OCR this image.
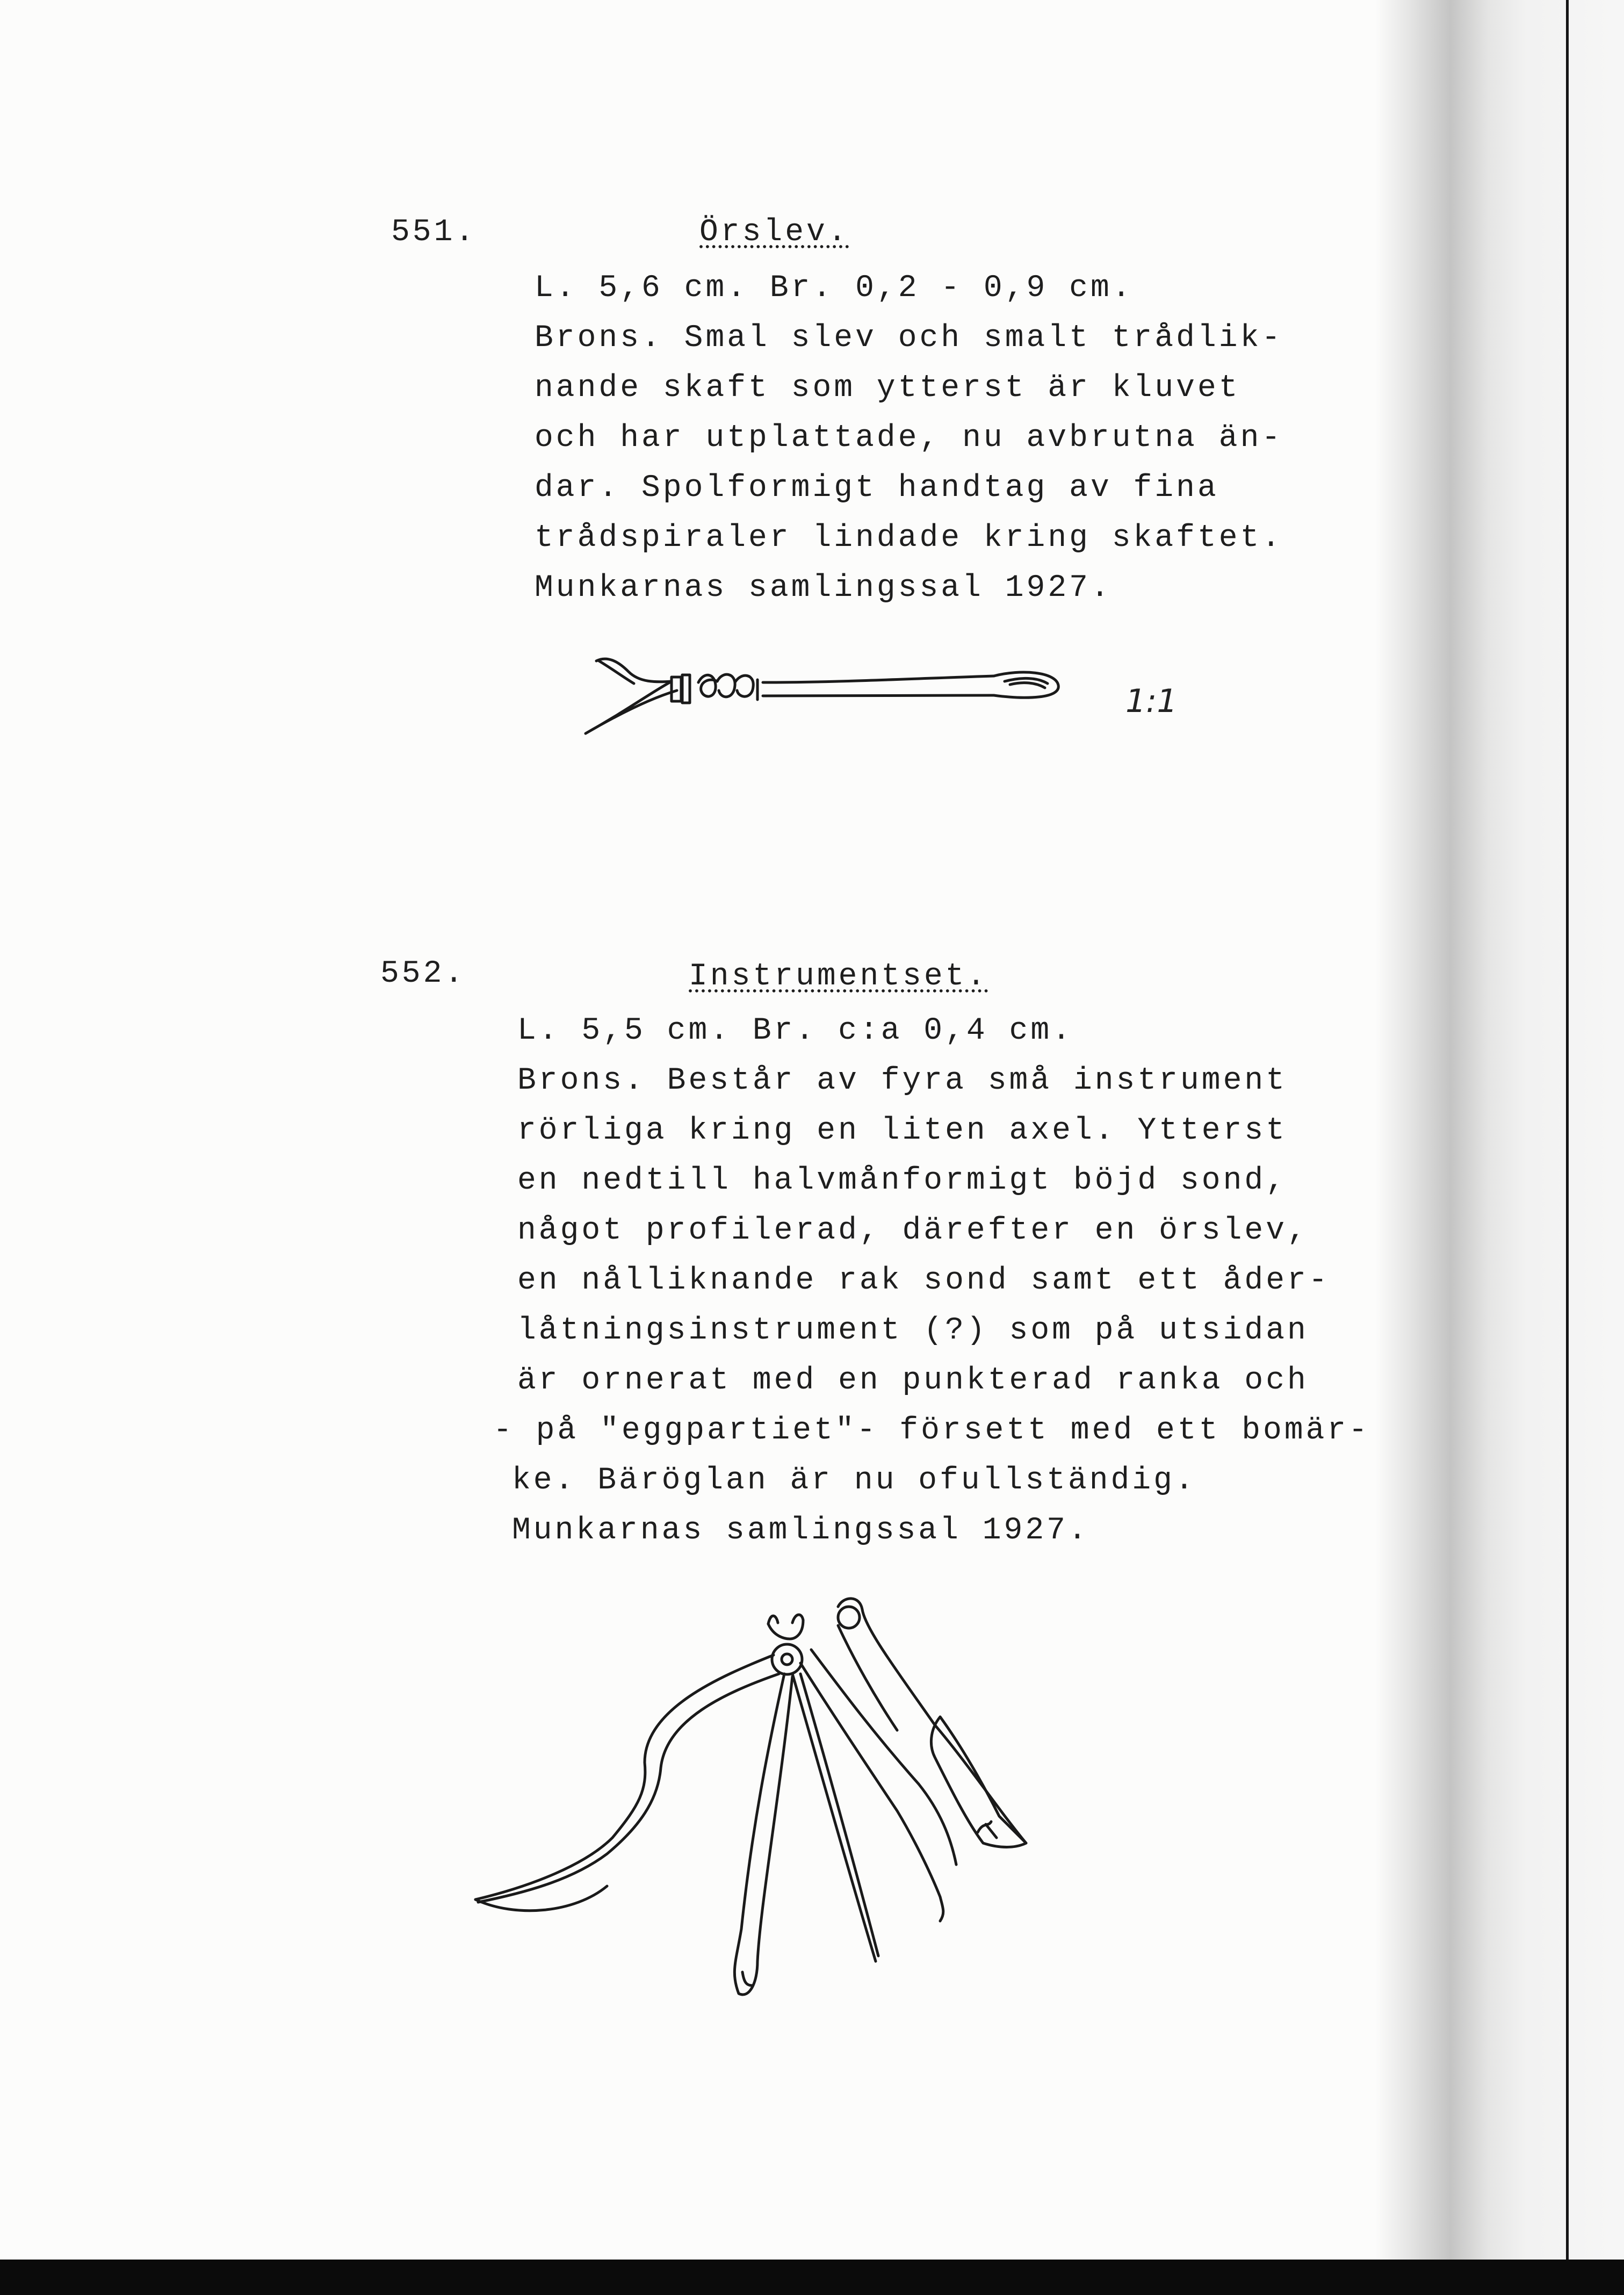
551.	Örslev.
L. 5,6 cm. Br. 0,2 - 0,9 cm.
Brons. Smal slev och smalt trådlik-
nande skaft som ytterst är kluvet
och har utplattade, nu avbrutna än-
dar. Spolformigt handtag av fina
trådspiraler lindade kring skaftet.
Munkarnas samlingssal 1927.
1:1
552.	Instrumentset.
L. 5,5 cm. Br. c:a 0,4 cm.
Brons. Består av fyra små instrument
rörliga kring en liten axel. Ytterst
en nedtill halvmånformigt böjd sond,
något profilerad, därefter en örslev,
en nålliknande rak sond samt ett åder-
låtningsinstrument (?) som på utsidan
är ornerat med en punkterad ranka och
- på "eggpartiet"- försett med ett bomär-
ke. Bäröglan är nu ofullständig.
Munkarnas samlingssal 1927.
